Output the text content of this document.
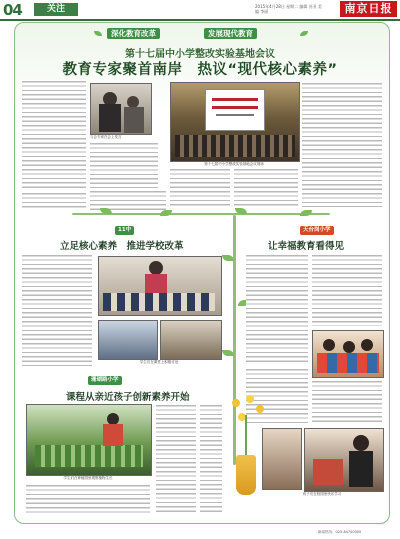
04	关注	2015年4月28日 星期二 编辑 苏亚 美编 李丽	南京日报
深化教育改革	发展现代教育
第十七届中小学整改实验基地会议
教育专家聚首南岸　热议“现代核心素养”
与会专家在会上发言
第十七届中小学整改实验基地会议现场
11中
立足核心素养　推进学校改革
学生们在课堂上积极讨论
天台岗小学
让幸福教育看得见
孩子们在校园里快乐学习
珊瑚路小学
课程从亲近孩子创新素养开始
学生们在种植园里观察植物生长
新闻热线：025-84700000
